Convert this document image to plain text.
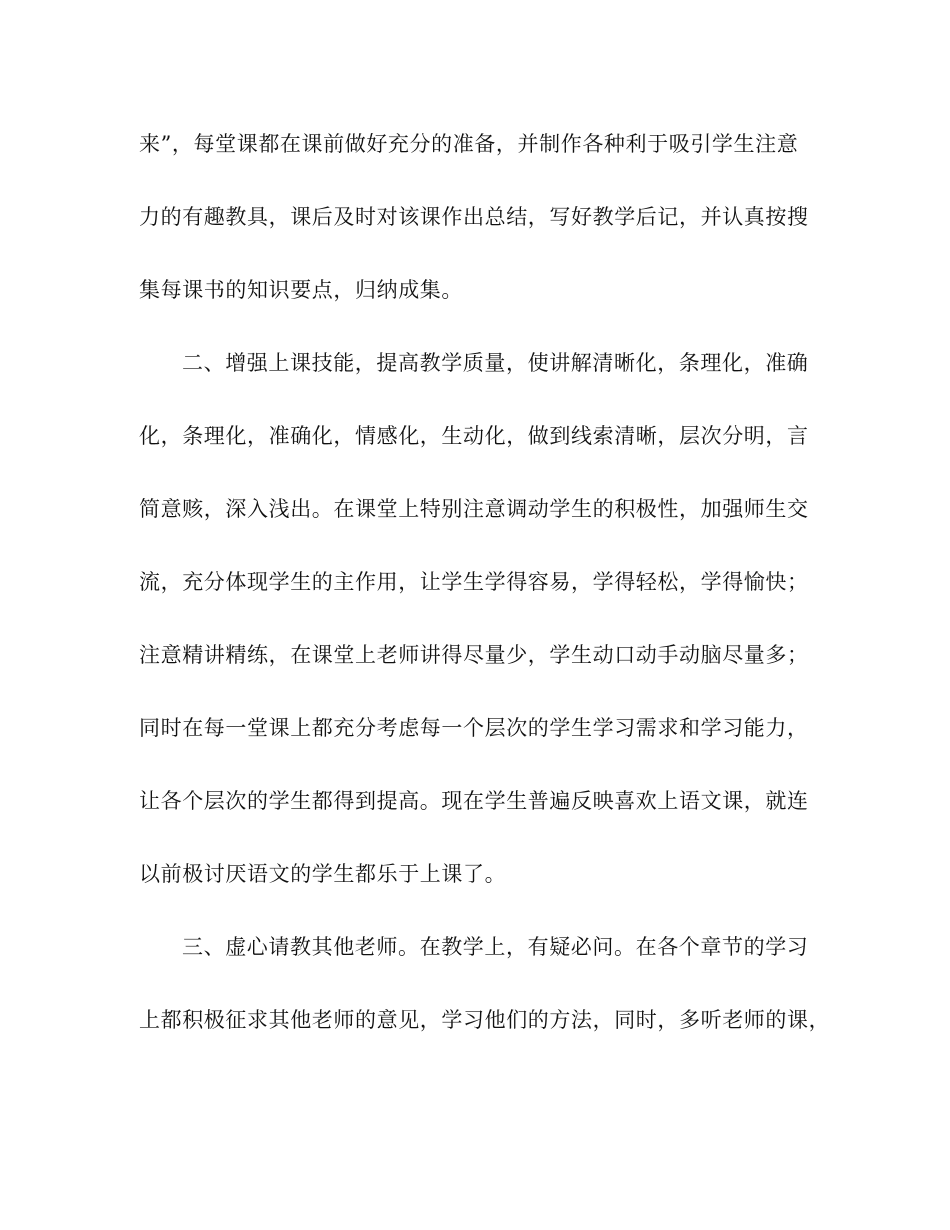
来”，每堂课都在课前做好充分的准备，并制作各种利于吸引学生注意
力的有趣教具，课后及时对该课作出总结，写好教学后记，并认真按搜
集每课书的知识要点，归纳成集。
二、增强上课技能，提高教学质量，使讲解清晰化，条理化，准确
化，条理化，准确化，情感化，生动化，做到线索清晰，层次分明，言
简意赅，深入浅出。在课堂上特别注意调动学生的积极性，加强师生交
流，充分体现学生的主作用，让学生学得容易，学得轻松，学得愉快；
注意精讲精练，在课堂上老师讲得尽量少，学生动口动手动脑尽量多；
同时在每一堂课上都充分考虑每一个层次的学生学习需求和学习能力，
让各个层次的学生都得到提高。现在学生普遍反映喜欢上语文课，就连
以前极讨厌语文的学生都乐于上课了。
三、虚心请教其他老师。在教学上，有疑必问。在各个章节的学习
上都积极征求其他老师的意见，学习他们的方法，同时，多听老师的课，
